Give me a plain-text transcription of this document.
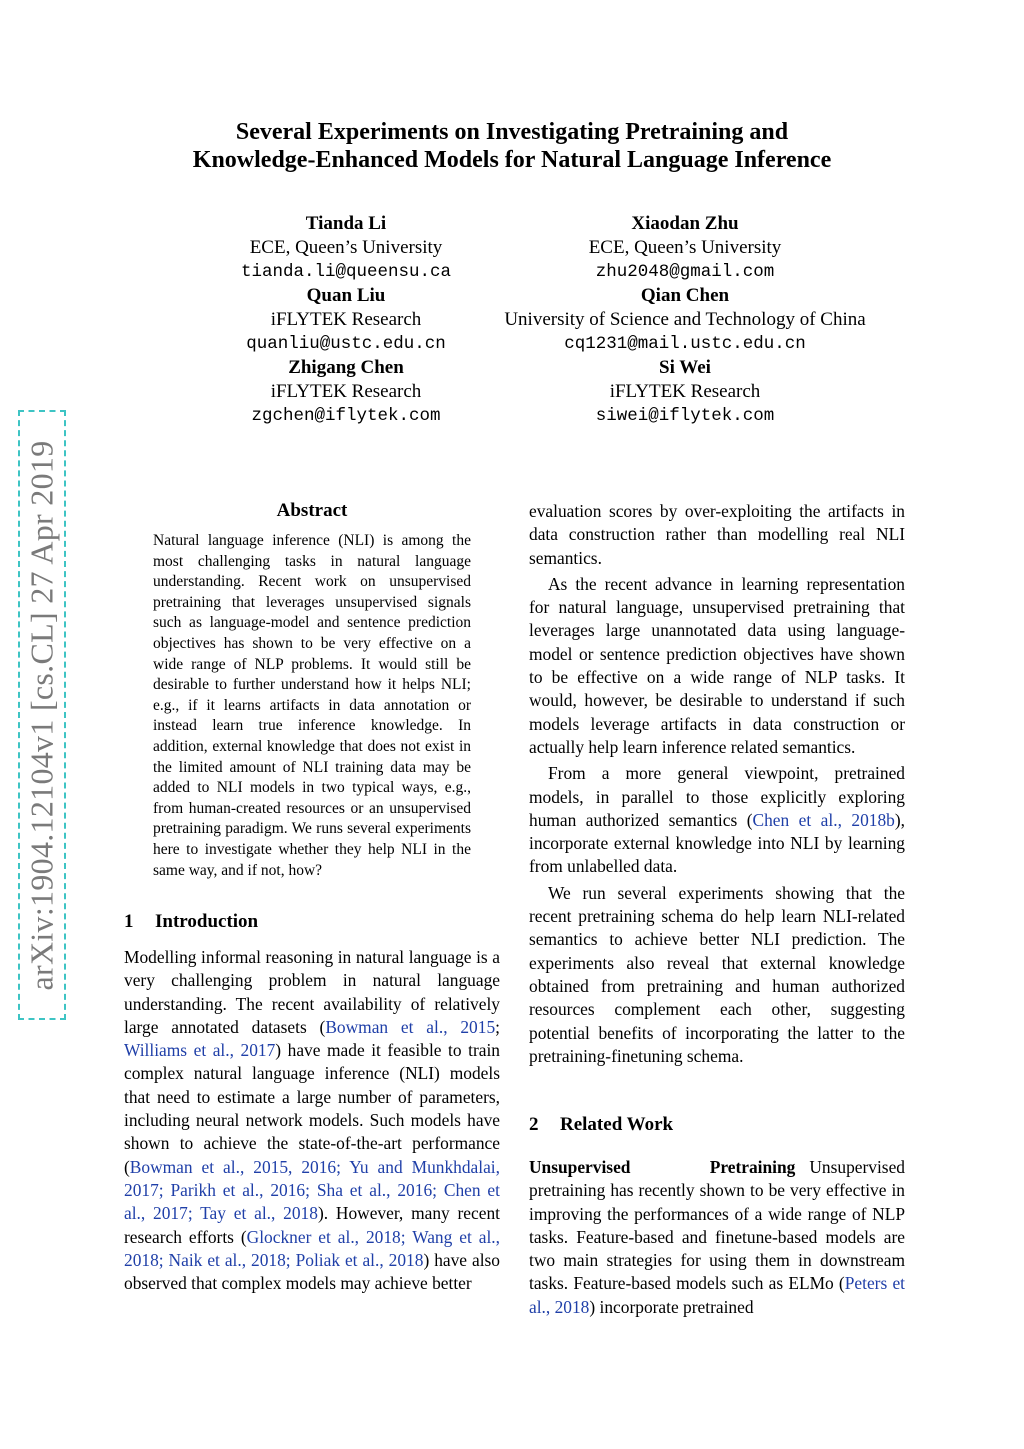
Several Experiments on Investigating Pretraining and
Knowledge-Enhanced Models for Natural Language Inference
Tianda Li
ECE, Queen’s University
tianda.li@queensu.ca
Quan Liu
iFLYTEK Research
quanliu@ustc.edu.cn
Zhigang Chen
iFLYTEK Research
zgchen@iflytek.com
Xiaodan Zhu
ECE, Queen’s University
zhu2048@gmail.com
Qian Chen
University of Science and Technology of China
cq1231@mail.ustc.edu.cn
Si Wei
iFLYTEK Research
siwei@iflytek.com
arXiv:1904.12104v1 [cs.CL] 27 Apr 2019	Abstract
Natural language inference (NLI) is among the most challenging tasks in natural language understanding. Recent work on unsupervised pretraining that leverages unsupervised signals such as language-model and sentence prediction objectives has shown to be very effective on a wide range of NLP problems. It would still be desirable to further understand how it helps NLI; e.g., if it learns artifacts in data annotation or instead learn true inference knowledge. In addition, external knowledge that does not exist in the limited amount of NLI training data may be added to NLI models in two typical ways, e.g., from human-created resources or an unsupervised pretraining paradigm. We runs several experiments here to investigate whether they help NLI in the same way, and if not, how?
1 Introduction

Modelling informal reasoning in natural language is a very challenging problem in natural language understanding. The recent availability of relatively large annotated datasets (Bowman et al., 2015; Williams et al., 2017) have made it feasible to train complex natural language inference (NLI) models that need to estimate a large number of parameters, including neural network models. Such models have shown to achieve the state-of-the-art performance (Bowman et al., 2015, 2016; Yu and Munkhdalai, 2017; Parikh et al., 2016; Sha et al., 2016; Chen et al., 2017; Tay et al., 2018). However, many recent research efforts (Glockner et al., 2018; Wang et al., 2018; Naik et al., 2018; Poliak et al., 2018) have also observed that complex models may achieve better

evaluation scores by over-exploiting the artifacts in data construction rather than modelling real NLI semantics.

As the recent advance in learning representation for natural language, unsupervised pretraining that leverages large unannotated data using language-model or sentence prediction objectives have shown to be effective on a wide range of NLP tasks. It would, however, be desirable to understand if such models leverage artifacts in data construction or actually help learn inference related semantics.

From a more general viewpoint, pretrained models, in parallel to those explicitly exploring human authorized semantics (Chen et al., 2018b), incorporate external knowledge into NLI by learning from unlabelled data.

We run several experiments showing that the recent pretraining schema do help learn NLI-related semantics to achieve better NLI prediction. The experiments also reveal that external knowledge obtained from pretraining and human authorized resources complement each other, suggesting potential benefits of incorporating the latter to the pretraining-finetuning schema.

2 Related Work

Unsupervised Pretraining Unsupervised pretraining has recently shown to be very effective in improving the performances of a wide range of NLP tasks. Feature-based and finetune-based models are two main strategies for using them in downstream tasks. Feature-based models such as ELMo (Peters et al., 2018) incorporate pretrained
